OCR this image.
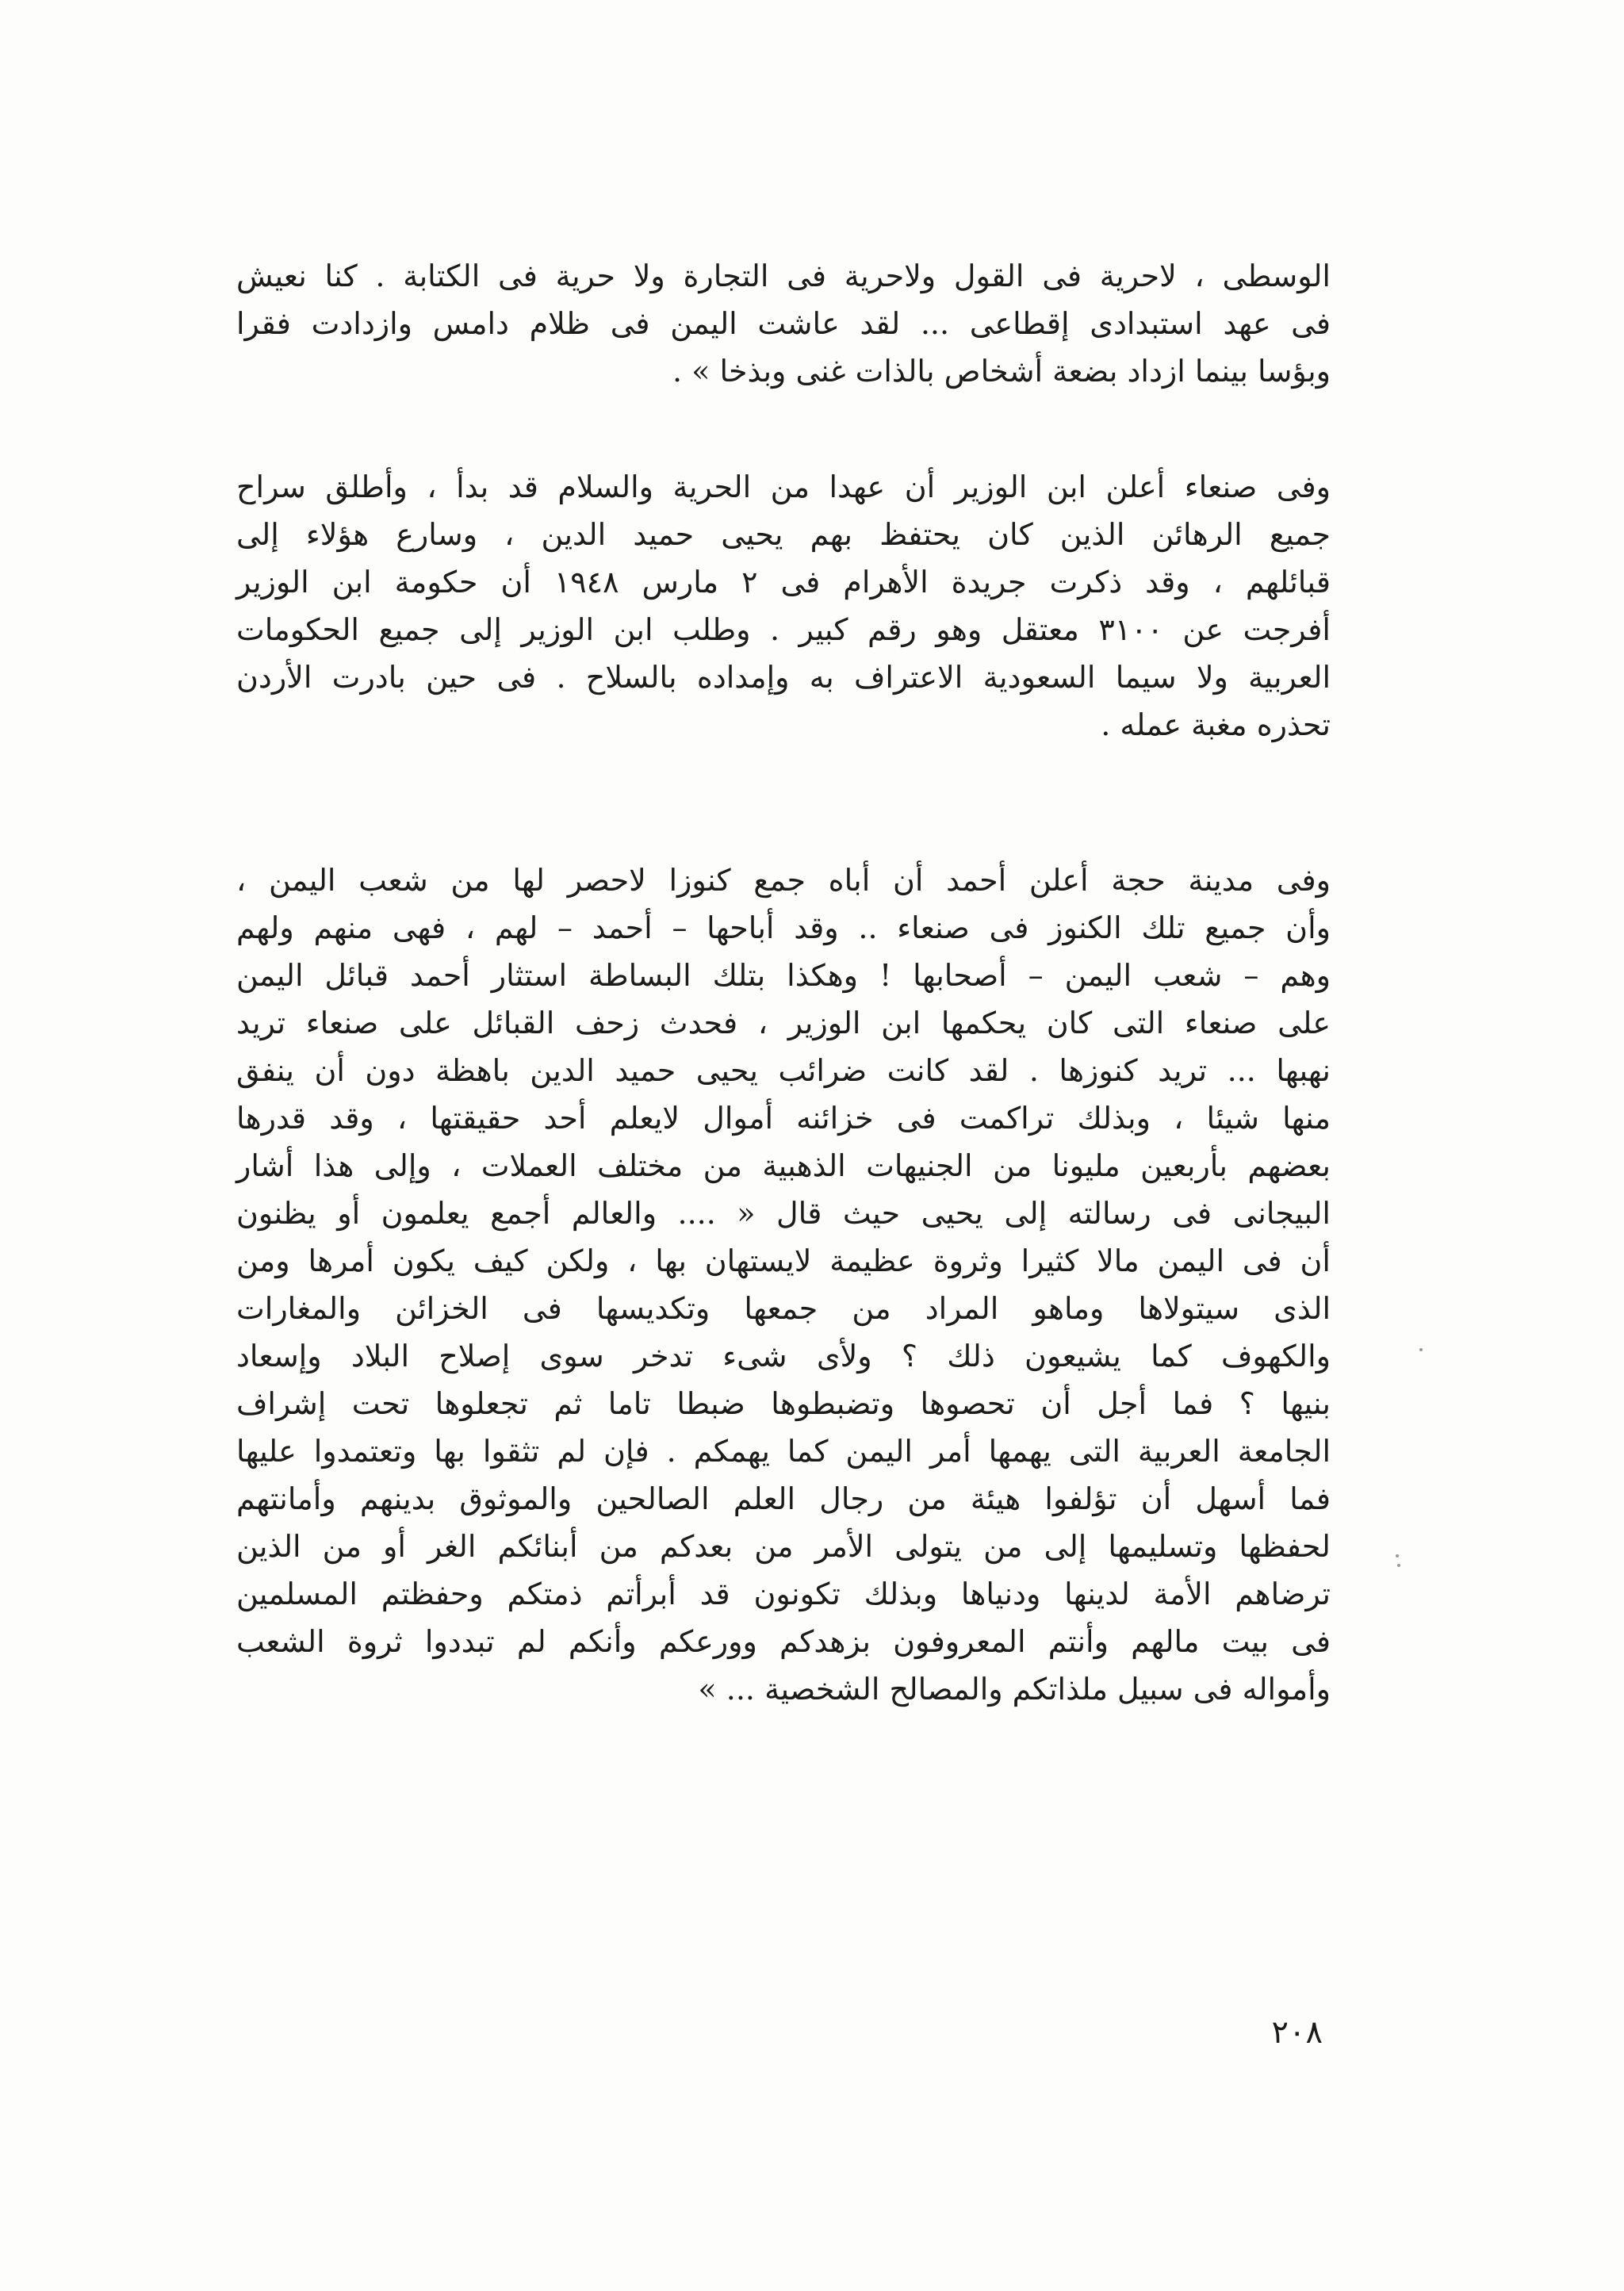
الوسطى ، لاحرية فى القول ولاحرية فى التجارة ولا حرية فى الكتابة . كنا نعيش
فى عهد استبدادى إقطاعى ... لقد عاشت اليمن فى ظلام دامس وازدادت فقرا
وبؤسا بينما ازداد بضعة أشخاص بالذات غنى وبذخا » .
وفى صنعاء أعلن ابن الوزير أن عهدا من الحرية والسلام قد بدأ ، وأطلق سراح
جميع الرهائن الذين كان يحتفظ بهم يحيى حميد الدين ، وسارع هؤلاء إلى
قبائلهم ، وقد ذكرت جريدة الأهرام فى ٢ مارس ١٩٤٨ أن حكومة ابن الوزير
أفرجت عن ٣١٠٠ معتقل وهو رقم كبير . وطلب ابن الوزير إلى جميع الحكومات
العربية ولا سيما السعودية الاعتراف به وإمداده بالسلاح . فى حين بادرت الأردن
تحذره مغبة عمله .
وفى مدينة حجة أعلن أحمد أن أباه جمع كنوزا لاحصر لها من شعب اليمن ،
وأن جميع تلك الكنوز فى صنعاء .. وقد أباحها – أحمد – لهم ، فهى منهم ولهم
وهم – شعب اليمن – أصحابها ! وهكذا بتلك البساطة استثار أحمد قبائل اليمن
على صنعاء التى كان يحكمها ابن الوزير ، فحدث زحف القبائل على صنعاء تريد
نهبها ... تريد كنوزها . لقد كانت ضرائب يحيى حميد الدين باهظة دون أن ينفق
منها شيئا ، وبذلك تراكمت فى خزائنه أموال لايعلم أحد حقيقتها ، وقد قدرها
بعضهم بأربعين مليونا من الجنيهات الذهبية من مختلف العملات ، وإلى هذا أشار
البيجانى فى رسالته إلى يحيى حيث قال « .... والعالم أجمع يعلمون أو يظنون
أن فى اليمن مالا كثيرا وثروة عظيمة لايستهان بها ، ولكن كيف يكون أمرها ومن
الذى سيتولاها وماهو المراد من جمعها وتكديسها فى الخزائن والمغارات
والكهوف كما يشيعون ذلك ؟ ولأى شىء تدخر سوى إصلاح البلاد وإسعاد
بنيها ؟ فما أجل أن تحصوها وتضبطوها ضبطا تاما ثم تجعلوها تحت إشراف
الجامعة العربية التى يهمها أمر اليمن كما يهمكم . فإن لم تثقوا بها وتعتمدوا عليها
فما أسهل أن تؤلفوا هيئة من رجال العلم الصالحين والموثوق بدينهم وأمانتهم
لحفظها وتسليمها إلى من يتولى الأمر من بعدكم من أبنائكم الغر أو من الذين
ترضاهم الأمة لدينها ودنياها وبذلك تكونون قد أبرأتم ذمتكم وحفظتم المسلمين
فى بيت مالهم وأنتم المعروفون بزهدكم وورعكم وأنكم لم تبددوا ثروة الشعب
وأمواله فى سبيل ملذاتكم والمصالح الشخصية ... »
٢٠٨
